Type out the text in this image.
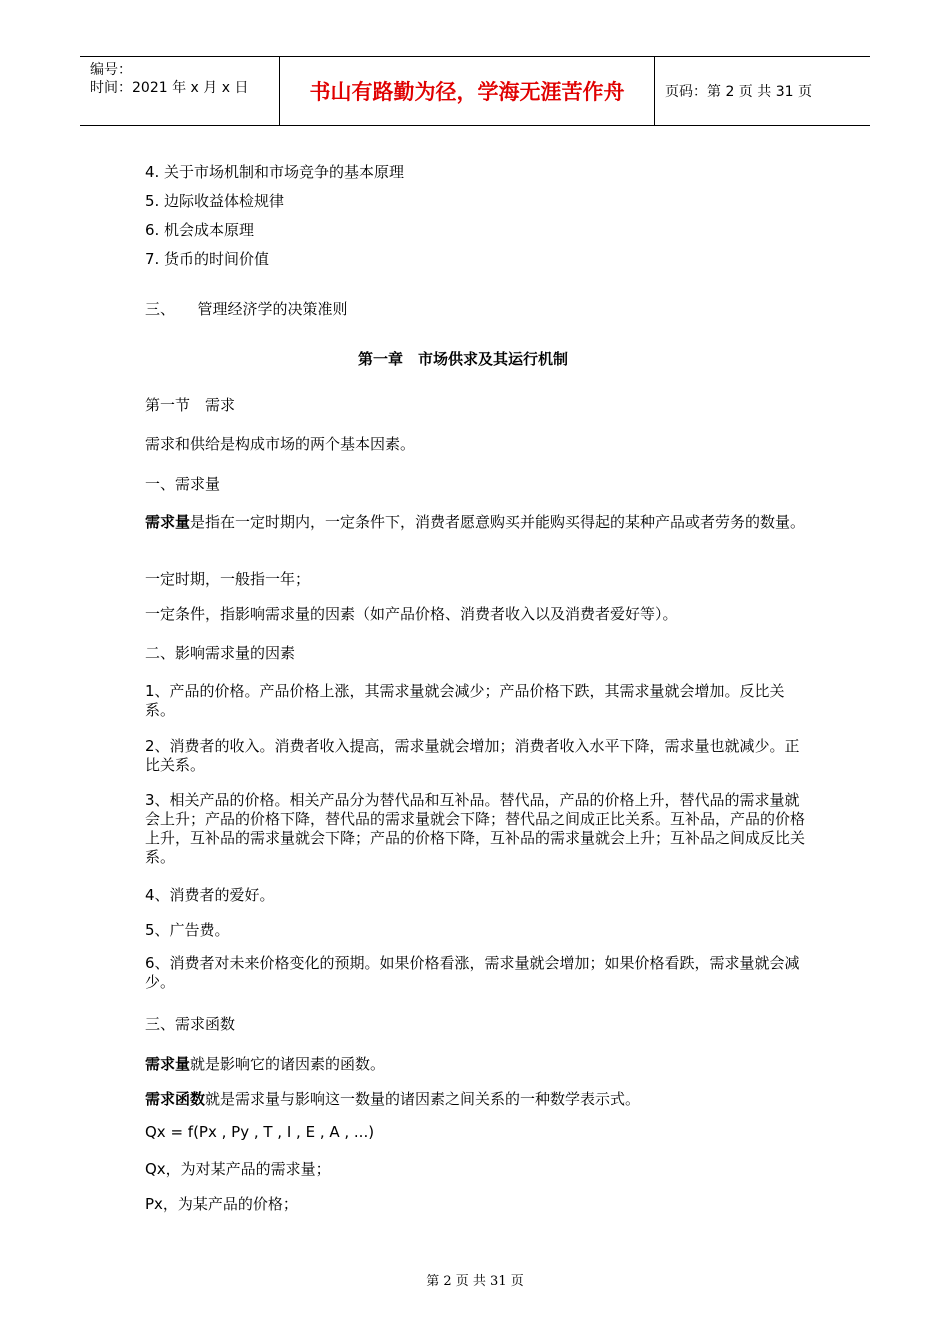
编号：
时间：2021 年 x 月 x 日	书山有路勤为径，学海无涯苦作舟	页码：第 2 页 共 31 页
4. 关于市场机制和市场竞争的基本原理
5. 边际收益体检规律
6. 机会成本原理
7. 货币的时间价值
三、　　管理经济学的决策准则
第一章　市场供求及其运行机制
第一节　需求
需求和供给是构成市场的两个基本因素。
一、需求量
需求量是指在一定时期内，一定条件下，消费者愿意购买并能购买得起的某种产品或者劳务的数量。
一定时期，一般指一年；
一定条件，指影响需求量的因素（如产品价格、消费者收入以及消费者爱好等）。
二、影响需求量的因素
1、产品的价格。产品价格上涨，其需求量就会减少；产品价格下跌，其需求量就会增加。反比关系。
2、消费者的收入。消费者收入提高，需求量就会增加；消费者收入水平下降，需求量也就减少。正比关系。
3、相关产品的价格。相关产品分为替代品和互补品。替代品，产品的价格上升，替代品的需求量就会上升；产品的价格下降，替代品的需求量就会下降；替代品之间成正比关系。互补品，产品的价格上升，互补品的需求量就会下降；产品的价格下降，互补品的需求量就会上升；互补品之间成反比关系。
4、消费者的爱好。
5、广告费。
6、消费者对未来价格变化的预期。如果价格看涨，需求量就会增加；如果价格看跌，需求量就会减少。
三、需求函数
需求量就是影响它的诸因素的函数。
需求函数就是需求量与影响这一数量的诸因素之间关系的一种数学表示式。
Qx = f(Px , Py , T , I , E , A , ...)
Qx，为对某产品的需求量；
Px，为某产品的价格；
第 2 页 共 31 页
